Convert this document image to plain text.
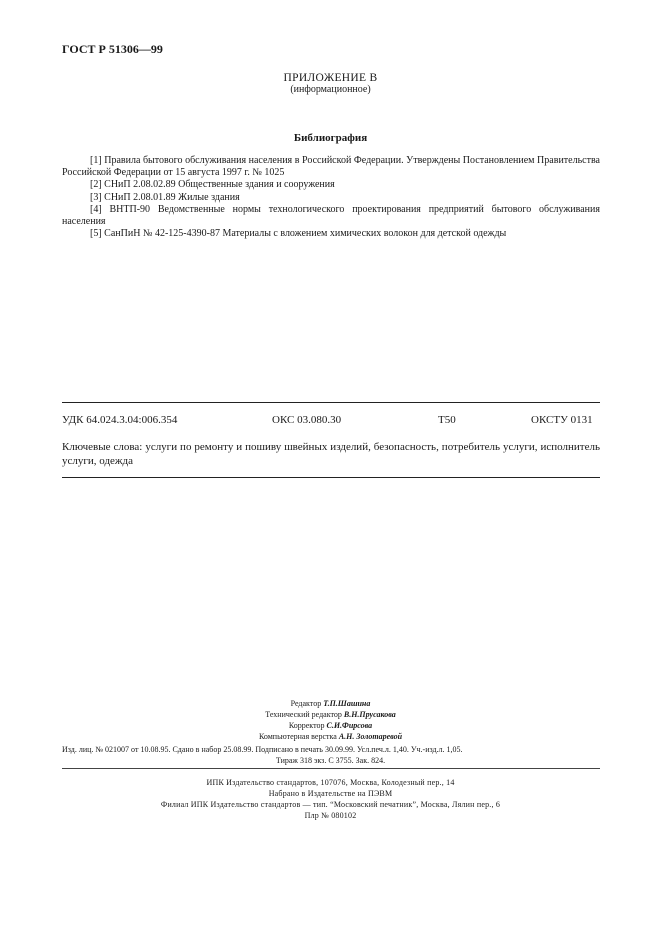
ГОСТ Р 51306—99
ПРИЛОЖЕНИЕ В
(информационное)
Библиография

[1] Правила бытового обслуживания населения в Российской Федерации. Утверждены Постановлением Правительства Российской Федерации от 15 августа 1997 г. № 1025

[2] СНиП 2.08.02.89 Общественные здания и сооружения

[3] СНиП 2.08.01.89 Жилые здания

[4] ВНТП-90 Ведомственные нормы технологического проектирования предприятий бытового обслуживания населения

[5] СанПиН № 42-125-4390-87 Материалы с вложением химических волокон для детской одежды

УДК 64.024.3.04:006.354	ОКС 03.080.30	Т50	ОКСТУ 0131
Ключевые слова: услуги по ремонту и пошиву швейных изделий, безопасность, потребитель услуги, исполнитель услуги, одежда
Редактор Т.П.Шашина
Технический редактор В.Н.Прусакова
Корректор С.И.Фирсова
Компьютерная верстка А.Н. Золотаревой
Изд. лиц. № 021007 от 10.08.95. Сдано в набор 25.08.99. Подписано в печать 30.09.99. Усл.печ.л. 1,40. Уч.-изд.л. 1,05.
Тираж 318 экз. С 3755. Зак. 824.
ИПК Издательство стандартов, 107076, Москва, Колодезный пер., 14
Набрано в Издательстве на ПЭВМ
Филиал ИПК Издательство стандартов — тип. “Московский печатник”, Москва, Лялин пер., 6
Плр № 080102
